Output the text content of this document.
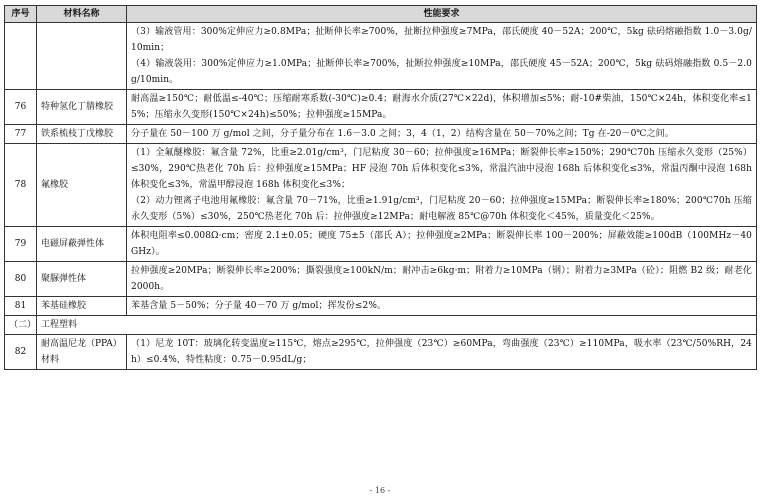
序号	材料名称	性能要求

		（3）输液管用：300%定伸应力≥0.8MPa；扯断伸长率≥700%，扯断拉伸强度≥7MPa，邵氏硬度 40－52A；200℃，5kg 砝码熔融指数 1.0－3.0g/10min；

（4）输液袋用：300%定伸应力≥1.0MPa；扯断伸长率≥700%，扯断拉伸强度≥10MPa，邵氏硬度 45－52A；200℃，5kg 砝码熔融指数 0.5－2.0g/10min。

76	特种氢化丁腈橡胶	耐高温≥150℃；耐低温≤-40℃；压缩耐寒系数(-30℃)≥0.4；耐海水介质(27℃×22d)，体积增加≤5%；耐-10#柴油，150℃×24h，体积变化率≤15%；压缩永久变形(150℃×24h)≤50%；拉伸强度≥15MPa。

77	铁系梳枝丁戊橡胶	分子量在 50－100 万 g/mol 之间，分子量分布在 1.6－3.0 之间；3，4（1，2）结构含量在 50－70%之间；Tg 在-20－0℃之间。

78	氟橡胶	（1）全氟醚橡胶：氟含量 72%，比重≥2.01g/cm³，门尼粘度 30－60；拉伸强度≥16MPa；断裂伸长率≥150%；290℃70h 压缩永久变形（25%）≤30%，290℃热老化 70h 后：拉伸强度≥15MPa；HF 浸泡 70h 后体积变化≤3%，常温汽油中浸泡 168h 后体积变化≤3%，常温丙酮中浸泡 168h 体积变化≤3%，常温甲醇浸泡 168h 体积变化≤3%；

（2）动力锂离子电池用氟橡胶：氟含量 70－71%，比重≥1.91g/cm³，门尼粘度 20－60；拉伸强度≥15MPa；断裂伸长率≥180%；200℃70h 压缩永久变形（5%）≤30%，250℃热老化 70h 后：拉伸强度≥12MPa；耐电解液 85℃@70h 体积变化＜45%，质量变化＜25%。

79	电磁屏蔽弹性体	体积电阻率≤0.008Ω·cm；密度 2.1±0.05；硬度 75±5（邵氏 A）；拉伸强度≥2MPa；断裂伸长率 100－200%；屏蔽效能≥100dB（100MHz－40GHz）。

80	聚脲弹性体	拉伸强度≥20MPa；断裂伸长率≥200%；撕裂强度≥100kN/m；耐冲击≥6kg·m；附着力≥10MPa（钢）；附着力≥3MPa（砼）；阻燃 B2 级；耐老化 2000h。

81	苯基硅橡胶	苯基含量 5－50%；分子量 40－70 万 g/mol；挥发份≤2%。

（二）	工程塑料	
82	耐高温尼龙（PPA）材料	（1）尼龙 10T：玻璃化转变温度≥115℃，熔点≥295℃，拉伸强度（23℃）≥60MPa，弯曲强度（23℃）≥110MPa，吸水率（23℃/50%RH，24h）≤0.4%，特性粘度：0.75－0.95dL/g；

- 16 -
